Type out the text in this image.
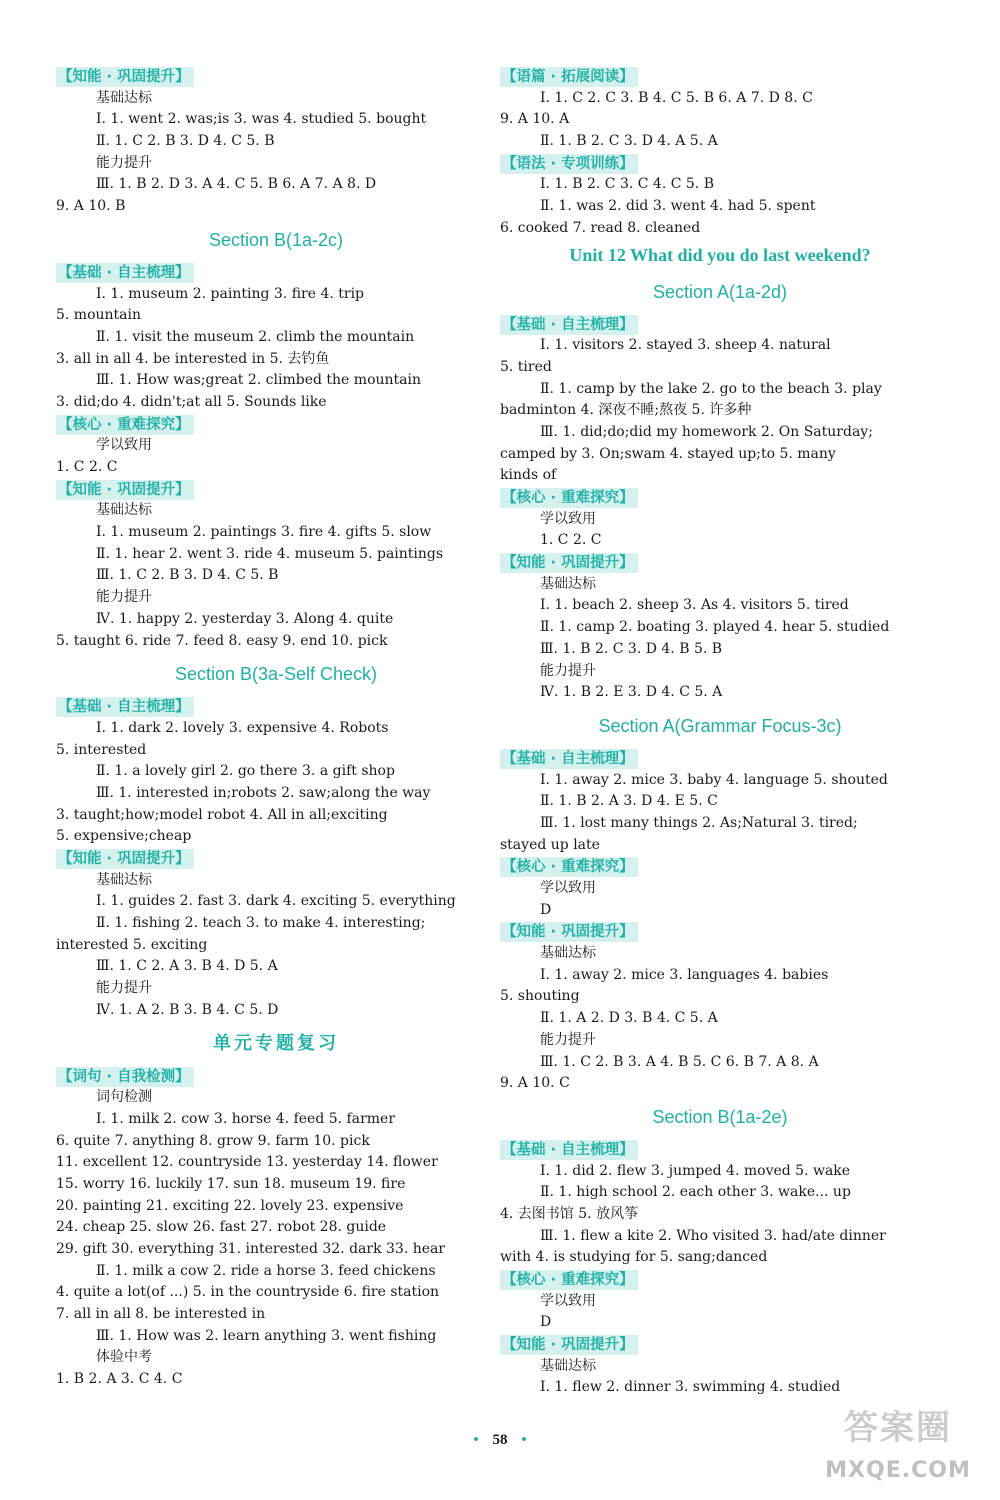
【知能 · 巩固提升】
基础达标
Ⅰ. 1. went 2. was;is 3. was 4. studied 5. bought
Ⅱ. 1. C 2. B 3. D 4. C 5. B
能力提升
Ⅲ. 1. B 2. D 3. A 4. C 5. B 6. A 7. A 8. D
9. A 10. B
Section B(1a-2c)
【基础 · 自主梳理】
Ⅰ. 1. museum 2. painting 3. fire 4. trip
5. mountain
Ⅱ. 1. visit the museum 2. climb the mountain
3. all in all 4. be interested in 5. 去钓鱼
Ⅲ. 1. How was;great 2. climbed the mountain
3. did;do 4. didn't;at all 5. Sounds like
【核心 · 重难探究】
学以致用
1. C 2. C
【知能 · 巩固提升】
基础达标
Ⅰ. 1. museum 2. paintings 3. fire 4. gifts 5. slow
Ⅱ. 1. hear 2. went 3. ride 4. museum 5. paintings
Ⅲ. 1. C 2. B 3. D 4. C 5. B
能力提升
Ⅳ. 1. happy 2. yesterday 3. Along 4. quite
5. taught 6. ride 7. feed 8. easy 9. end 10. pick
Section B(3a-Self Check)
【基础 · 自主梳理】
Ⅰ. 1. dark 2. lovely 3. expensive 4. Robots
5. interested
Ⅱ. 1. a lovely girl 2. go there 3. a gift shop
Ⅲ. 1. interested in;robots 2. saw;along the way
3. taught;how;model robot 4. All in all;exciting
5. expensive;cheap
【知能 · 巩固提升】
基础达标
Ⅰ. 1. guides 2. fast 3. dark 4. exciting 5. everything
Ⅱ. 1. fishing 2. teach 3. to make 4. interesting;
interested 5. exciting
Ⅲ. 1. C 2. A 3. B 4. D 5. A
能力提升
Ⅳ. 1. A 2. B 3. B 4. C 5. D
单元专题复习
【词句 · 自我检测】
词句检测
Ⅰ. 1. milk 2. cow 3. horse 4. feed 5. farmer
6. quite 7. anything 8. grow 9. farm 10. pick
11. excellent 12. countryside 13. yesterday 14. flower
15. worry 16. luckily 17. sun 18. museum 19. fire
20. painting 21. exciting 22. lovely 23. expensive
24. cheap 25. slow 26. fast 27. robot 28. guide
29. gift 30. everything 31. interested 32. dark 33. hear
Ⅱ. 1. milk a cow 2. ride a horse 3. feed chickens
4. quite a lot(of ...) 5. in the countryside 6. fire station
7. all in all 8. be interested in
Ⅲ. 1. How was 2. learn anything 3. went fishing
体验中考
1. B 2. A 3. C 4. C
【语篇 · 拓展阅读】
Ⅰ. 1. C 2. C 3. B 4. C 5. B 6. A 7. D 8. C
9. A 10. A
Ⅱ. 1. B 2. C 3. D 4. A 5. A
【语法 · 专项训练】
Ⅰ. 1. B 2. C 3. C 4. C 5. B
Ⅱ. 1. was 2. did 3. went 4. had 5. spent
6. cooked 7. read 8. cleaned
Unit 12 What did you do last weekend?
Section A(1a-2d)
【基础 · 自主梳理】
Ⅰ. 1. visitors 2. stayed 3. sheep 4. natural
5. tired
Ⅱ. 1. camp by the lake 2. go to the beach 3. play
badminton 4. 深夜不睡;熬夜 5. 许多种
Ⅲ. 1. did;do;did my homework 2. On Saturday;
camped by 3. On;swam 4. stayed up;to 5. many
kinds of
【核心 · 重难探究】
学以致用
1. C 2. C
【知能 · 巩固提升】
基础达标
Ⅰ. 1. beach 2. sheep 3. As 4. visitors 5. tired
Ⅱ. 1. camp 2. boating 3. played 4. hear 5. studied
Ⅲ. 1. B 2. C 3. D 4. B 5. B
能力提升
Ⅳ. 1. B 2. E 3. D 4. C 5. A
Section A(Grammar Focus-3c)
【基础 · 自主梳理】
Ⅰ. 1. away 2. mice 3. baby 4. language 5. shouted
Ⅱ. 1. B 2. A 3. D 4. E 5. C
Ⅲ. 1. lost many things 2. As;Natural 3. tired;
stayed up late
【核心 · 重难探究】
学以致用
D
【知能 · 巩固提升】
基础达标
Ⅰ. 1. away 2. mice 3. languages 4. babies
5. shouting
Ⅱ. 1. A 2. D 3. B 4. C 5. A
能力提升
Ⅲ. 1. C 2. B 3. A 4. B 5. C 6. B 7. A 8. A
9. A 10. C
Section B(1a-2e)
【基础 · 自主梳理】
Ⅰ. 1. did 2. flew 3. jumped 4. moved 5. wake
Ⅱ. 1. high school 2. each other 3. wake... up
4. 去图书馆 5. 放风筝
Ⅲ. 1. flew a kite 2. Who visited 3. had/ate dinner
with 4. is studying for 5. sang;danced
【核心 · 重难探究】
学以致用
D
【知能 · 巩固提升】
基础达标
Ⅰ. 1. flew 2. dinner 3. swimming 4. studied
• 58 •	答案圈
MXQE.COM
